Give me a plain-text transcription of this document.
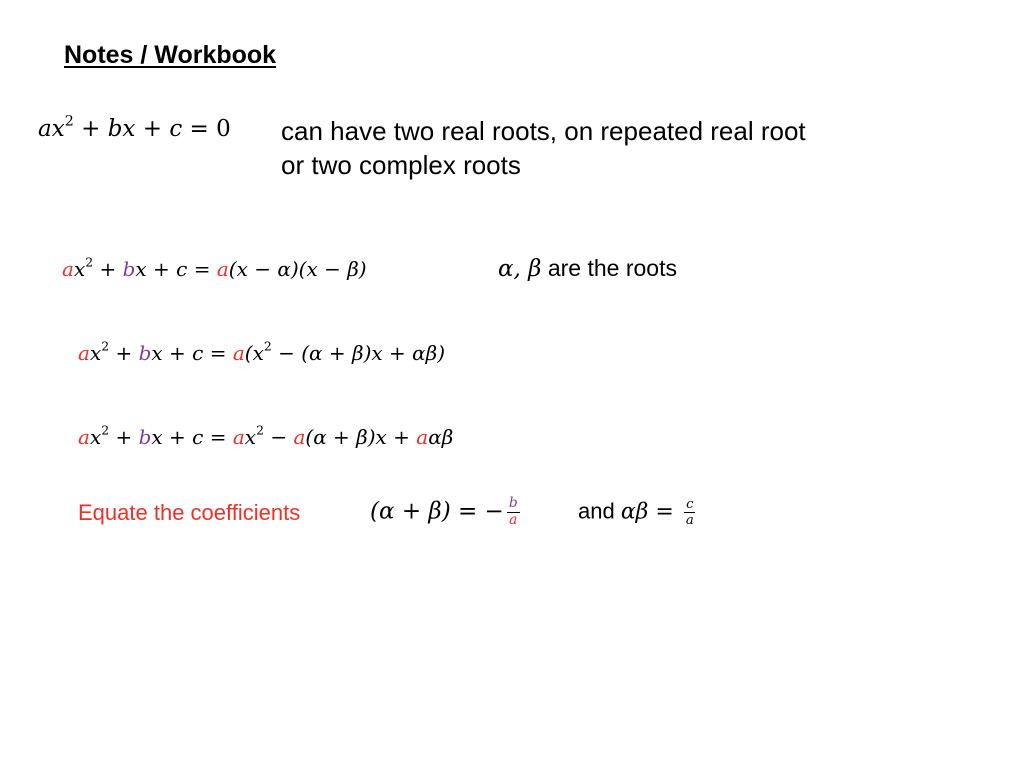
Notes / Workbook
$ax^2$ + bx + c = 0 can have two real roots, on repeated real root
or two complex roots
$ax^2$ + bx + c = a(x − α)(x − β)	α, β are the roots
$ax^2$ + bx + $c = a(x^2 - (\alpha + \beta)x + \alpha\beta)$
$ax^2$ + bx + $c = ax^2 - a(\alpha + \beta)x + a\alpha\beta$
Equate the coefficients	(α + β) = − $\frac{b}{a}$	and $\alpha\beta = \frac{c}{a}$
